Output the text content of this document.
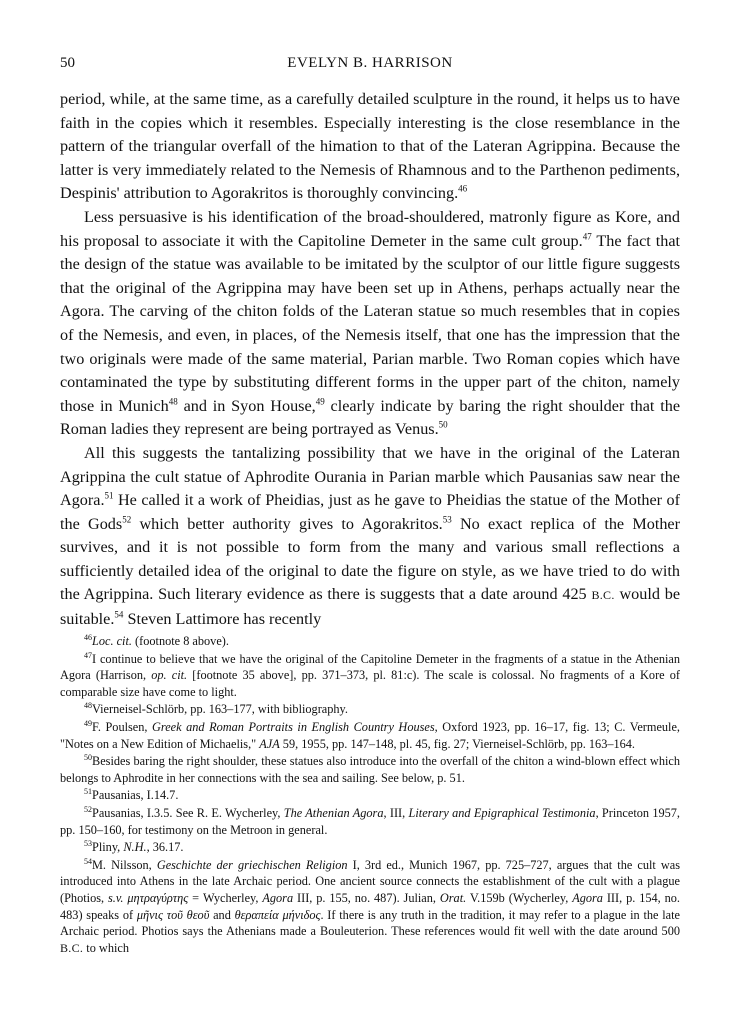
50	EVELYN B. HARRISON

period, while, at the same time, as a carefully detailed sculpture in the round, it helps us to have faith in the copies which it resembles. Especially interesting is the close resemblance in the pattern of the triangular overfall of the himation to that of the Lateran Agrippina. Because the latter is very immediately related to the Nemesis of Rhamnous and to the Parthenon pediments, Despinis' attribution to Agorakritos is thoroughly convincing.$^{46}$

Less persuasive is his identification of the broad-shouldered, matronly figure as Kore, and his proposal to associate it with the Capitoline Demeter in the same cult group.$^{47}$ The fact that the design of the statue was available to be imitated by the sculptor of our little figure suggests that the original of the Agrippina may have been set up in Athens, perhaps actually near the Agora. The carving of the chiton folds of the Lateran statue so much resembles that in copies of the Nemesis, and even, in places, of the Nemesis itself, that one has the impression that the two originals were made of the same material, Parian marble. Two Roman copies which have contaminated the type by substituting different forms in the upper part of the chiton, namely those in Munich$^{48}$ and in Syon House,$^{49}$ clearly indicate by baring the right shoulder that the Roman ladies they represent are being portrayed as Venus.$^{50}$

All this suggests the tantalizing possibility that we have in the original of the Lateran Agrippina the cult statue of Aphrodite Ourania in Parian marble which Pausanias saw near the Agora.$^{51}$ He called it a work of Pheidias, just as he gave to Pheidias the statue of the Mother of the Gods$^{52}$ which better authority gives to Agorakritos.$^{53}$ No exact replica of the Mother survives, and it is not possible to form from the many and various small reflections a sufficiently detailed idea of the original to date the figure on style, as we have tried to do with the Agrippina. Such literary evidence as there is suggests that a date around 425 B.C. would be suitable.$^{54}$ Steven Lattimore has recently

$^{46}$Loc. cit. (footnote 8 above).

$^{47}$I continue to believe that we have the original of the Capitoline Demeter in the fragments of a statue in the Athenian Agora (Harrison, op. cit. [footnote 35 above], pp. 371–373, pl. 81:c). The scale is colossal. No fragments of a Kore of comparable size have come to light.

$^{48}$Vierneisel-Schlörb, pp. 163–177, with bibliography.

$^{49}$F. Poulsen, Greek and Roman Portraits in English Country Houses, Oxford 1923, pp. 16–17, fig. 13; C. Vermeule, "Notes on a New Edition of Michaelis," AJA 59, 1955, pp. 147–148, pl. 45, fig. 27; Vierneisel-Schlörb, pp. 163–164.

$^{50}$Besides baring the right shoulder, these statues also introduce into the overfall of the chiton a wind-blown effect which belongs to Aphrodite in her connections with the sea and sailing. See below, p. 51.

$^{51}$Pausanias, I.14.7.

$^{52}$Pausanias, I.3.5. See R. E. Wycherley, The Athenian Agora, III, Literary and Epigraphical Testimonia, Princeton 1957, pp. 150–160, for testimony on the Metroon in general.

$^{53}$Pliny, N.H., 36.17.

$^{54}$M. Nilsson, Geschichte der griechischen Religion I, 3rd ed., Munich 1967, pp. 725–727, argues that the cult was introduced into Athens in the late Archaic period. One ancient source connects the establishment of the cult with a plague (Photios, s.v. μητραγύρτης = Wycherley, Agora III, p. 155, no. 487). Julian, Orat. V.159b (Wycherley, Agora III, p. 154, no. 483) speaks of μῆνις τοῦ θεοῦ and θεραπεία μήνιδος. If there is any truth in the tradition, it may refer to a plague in the late Archaic period. Photios says the Athenians made a Bouleuterion. These references would fit well with the date around 500 B.C. to which
